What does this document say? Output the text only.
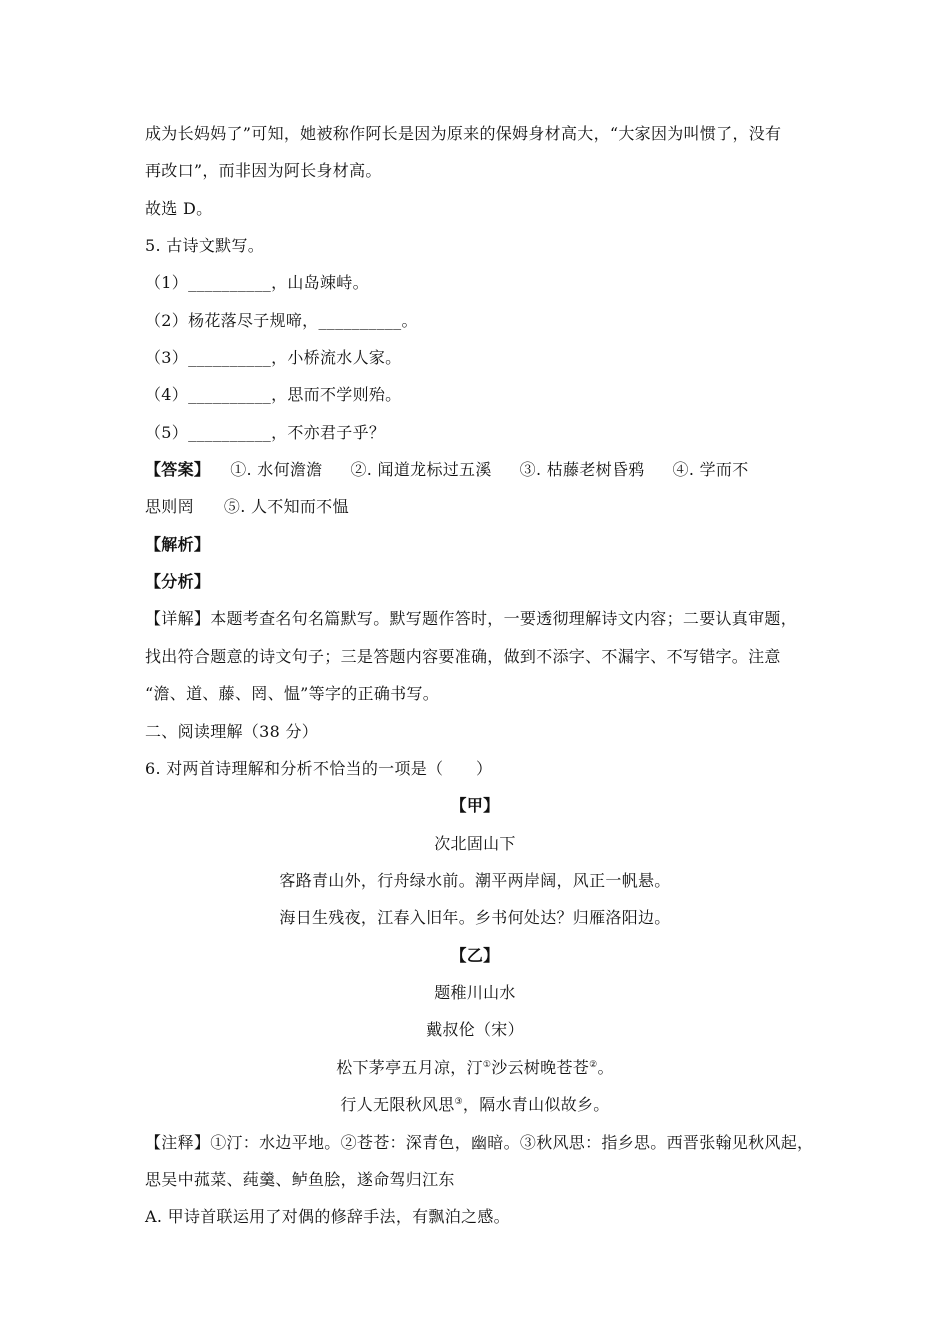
成为长妈妈了”可知，她被称作阿长是因为原来的保姆身材高大，“大家因为叫惯了，没有
再改口”，而非因为阿长身材高。
故选 D。
5. 古诗文默写。
（1）__________，山岛竦峙。
（2）杨花落尽子规啼，__________。
（3）__________，小桥流水人家。
（4）__________，思而不学则殆。
（5）__________，不亦君子乎？
【答案】 ①. 水何澹澹 ②. 闻道龙标过五溪 ③. 枯藤老树昏鸦 ④. 学而不
思则罔 ⑤. 人不知而不愠
【解析】
【分析】
【详解】本题考查名句名篇默写。默写题作答时，一要透彻理解诗文内容；二要认真审题，
找出符合题意的诗文句子；三是答题内容要准确，做到不添字、不漏字、不写错字。注意
“澹、道、藤、罔、愠”等字的正确书写。
二、阅读理解（38 分）
6. 对两首诗理解和分析不恰当的一项是（　　）
【甲】
次北固山下
客路青山外，行舟绿水前。潮平两岸阔，风正一帆悬。
海日生残夜，江春入旧年。乡书何处达？归雁洛阳边。
【乙】
题稚川山水
戴叔伦（宋）
松下茅亭五月凉，汀①沙云树晚苍苍②。
行人无限秋风思③，隔水青山似故乡。
【注释】①汀：水边平地。②苍苍：深青色，幽暗。③秋风思：指乡思。西晋张翰见秋风起，
思吴中菰菜、莼羹、鲈鱼脍，遂命驾归江东
A. 甲诗首联运用了对偶的修辞手法，有飘泊之感。
